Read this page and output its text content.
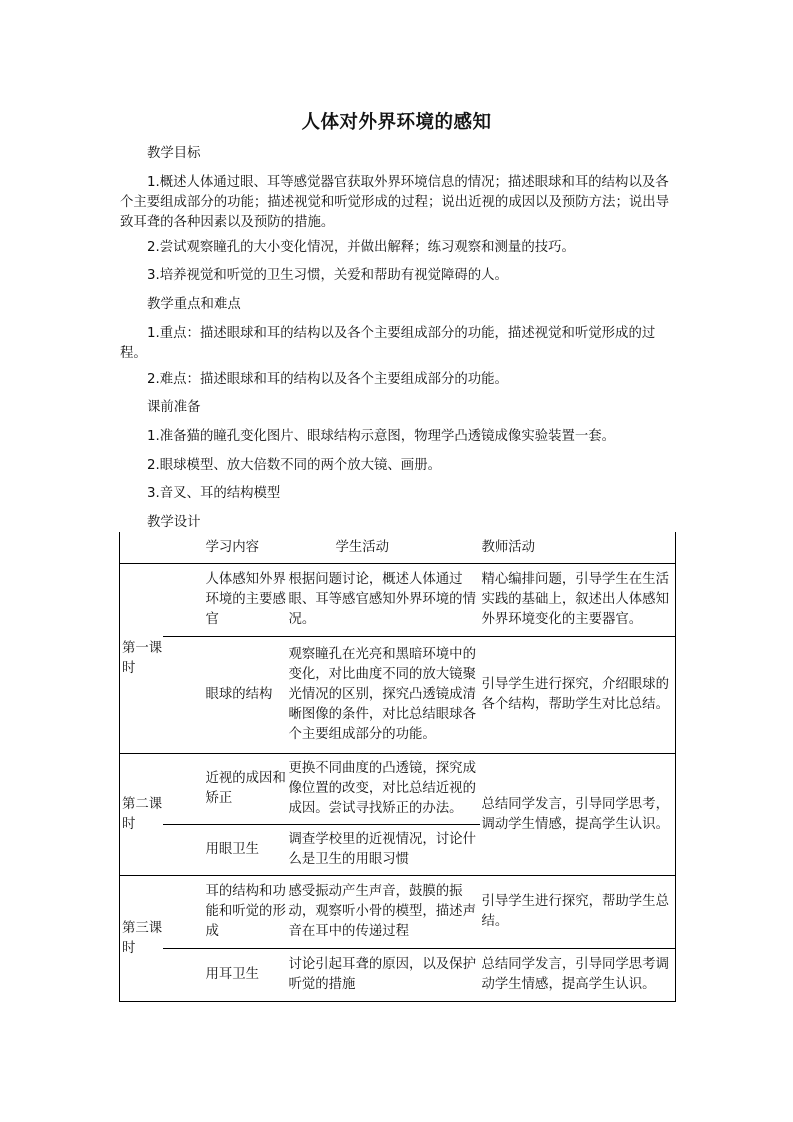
人体对外界环境的感知
教学目标
1.概述人体通过眼、耳等感觉器官获取外界环境信息的情况；描述眼球和耳的结构以及各个主要组成部分的功能；描述视觉和听觉形成的过程；说出近视的成因以及预防方法；说出导致耳聋的各种因素以及预防的措施。
2.尝试观察瞳孔的大小变化情况，并做出解释；练习观察和测量的技巧。
3.培养视觉和听觉的卫生习惯，关爱和帮助有视觉障碍的人。
教学重点和难点
1.重点：描述眼球和耳的结构以及各个主要组成部分的功能，描述视觉和听觉形成的过程。
2.难点：描述眼球和耳的结构以及各个主要组成部分的功能。
课前准备
1.准备猫的瞳孔变化图片、眼球结构示意图，物理学凸透镜成像实验装置一套。
2.眼球模型、放大倍数不同的两个放大镜、画册。
3.音叉、耳的结构模型
教学设计
	学习内容 学生活动		教师活动
第一课时	人体感知外界环境的主要感官	根据问题讨论，概述人体通过眼、耳等感官感知外界环境的情况。	精心编排问题，引导学生在生活实践的基础上，叙述出人体感知外界环境变化的主要器官。
	眼球的结构	观察瞳孔在光亮和黑暗环境中的变化，对比曲度不同的放大镜聚光情况的区别，探究凸透镜成清晰图像的条件，对比总结眼球各个主要组成部分的功能。	引导学生进行探究，介绍眼球的各个结构，帮助学生对比总结。
第二课时	近视的成因和矫正	更换不同曲度的凸透镜，探究成像位置的改变，对比总结近视的成因。尝试寻找矫正的办法。	总结同学发言，引导同学思考，调动学生情感，提高学生认识。
	用眼卫生	调查学校里的近视情况，讨论什么是卫生的用眼习惯	
第三课时	耳的结构和功能和听觉的形成	感受振动产生声音，鼓膜的振动，观察听小骨的模型，描述声音在耳中的传递过程	引导学生进行探究，帮助学生总结。
	用耳卫生	讨论引起耳聋的原因，以及保护听觉的措施	总结同学发言，引导同学思考调动学生情感，提高学生认识。
